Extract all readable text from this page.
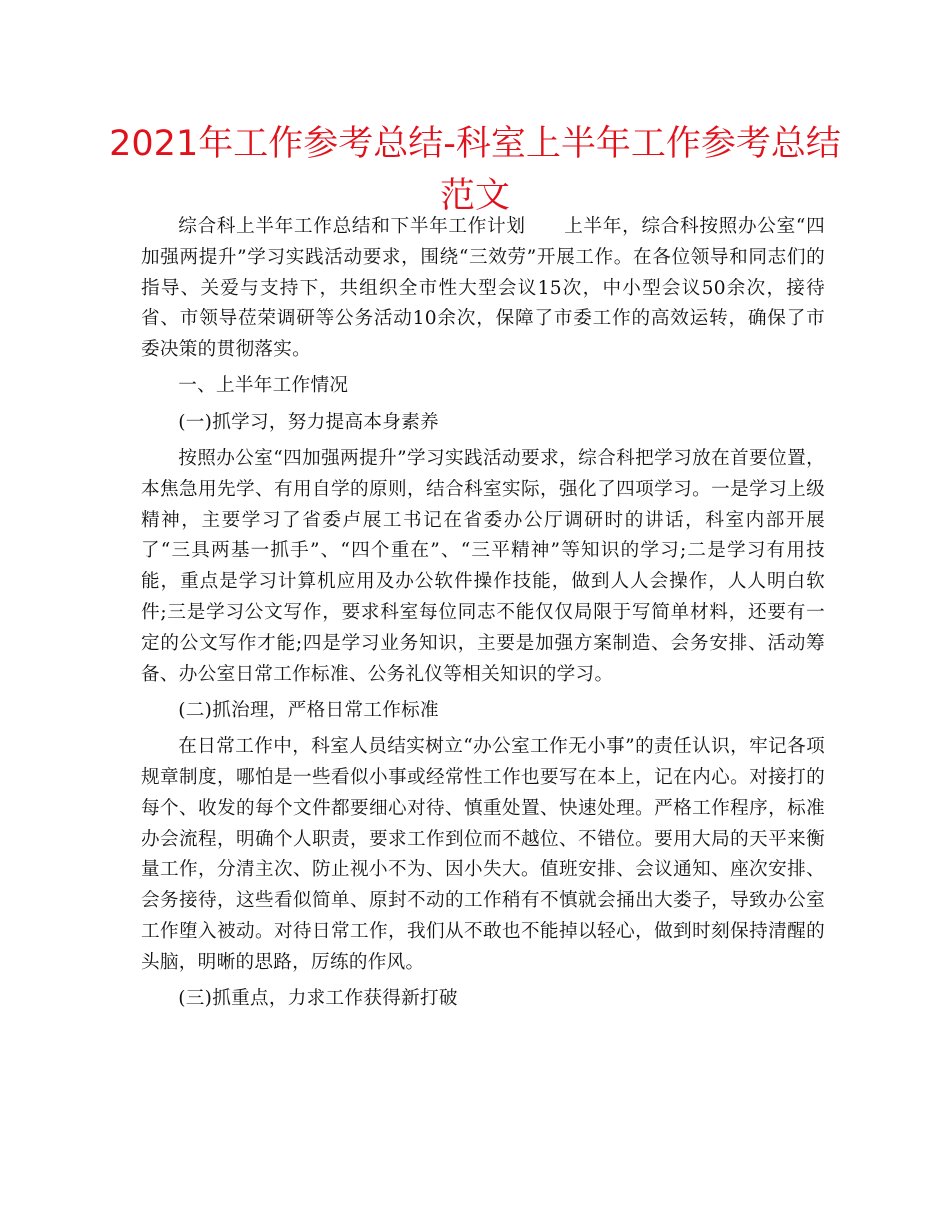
2021年工作参考总结-科室上半年工作参考总结范文

综合科上半年工作总结和下半年工作计划　　上半年，综合科按照办公室“四加强两提升”学习实践活动要求，围绕“三效劳”开展工作。在各位领导和同志们的指导、关爱与支持下，共组织全市性大型会议15次，中小型会议50余次，接待省、市领导莅荣调研等公务活动10余次，保障了市委工作的高效运转，确保了市委决策的贯彻落实。

一、上半年工作情况

(一)抓学习，努力提高本身素养

按照办公室“四加强两提升”学习实践活动要求，综合科把学习放在首要位置，本焦急用先学、有用自学的原则，结合科室实际，强化了四项学习。一是学习上级精神，主要学习了省委卢展工书记在省委办公厅调研时的讲话，科室内部开展了“三具两基一抓手”、“四个重在”、“三平精神”等知识的学习;二是学习有用技能，重点是学习计算机应用及办公软件操作技能，做到人人会操作，人人明白软件;三是学习公文写作，要求科室每位同志不能仅仅局限于写简单材料，还要有一定的公文写作才能;四是学习业务知识，主要是加强方案制造、会务安排、活动筹备、办公室日常工作标准、公务礼仪等相关知识的学习。

(二)抓治理，严格日常工作标准

在日常工作中，科室人员结实树立“办公室工作无小事”的责任认识，牢记各项规章制度，哪怕是一些看似小事或经常性工作也要写在本上，记在内心。对接打的每个、收发的每个文件都要细心对待、慎重处置、快速处理。严格工作程序，标准办会流程，明确个人职责，要求工作到位而不越位、不错位。要用大局的天平来衡量工作，分清主次、防止视小不为、因小失大。值班安排、会议通知、座次安排、会务接待，这些看似简单、原封不动的工作稍有不慎就会捅出大娄子，导致办公室工作堕入被动。对待日常工作，我们从不敢也不能掉以轻心，做到时刻保持清醒的头脑，明晰的思路，厉练的作风。

(三)抓重点，力求工作获得新打破
